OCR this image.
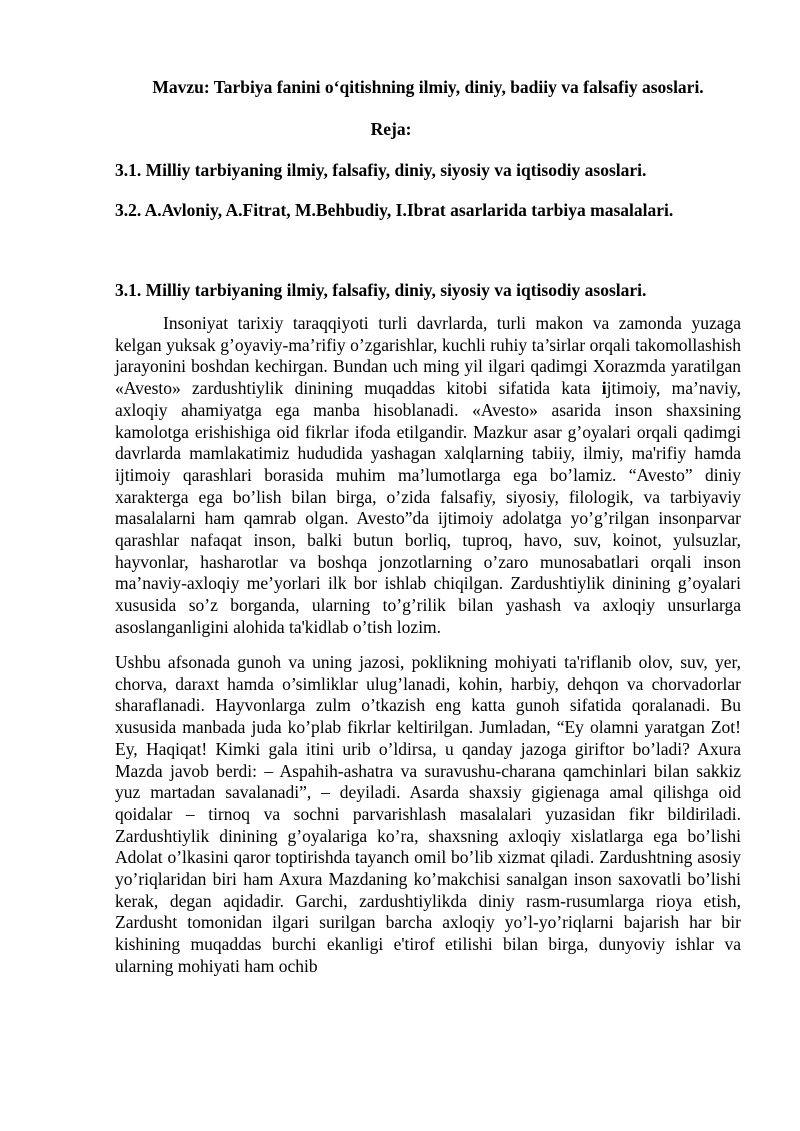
Mavzu: Tarbiya fanini o‘qitishning ilmiy, diniy, badiiy va falsafiy asoslari.
Reja:
3.1. Milliy tarbiyaning ilmiy, falsafiy, diniy, siyosiy va iqtisodiy asoslari.
3.2. A.Avloniy, A.Fitrat, M.Behbudiy, I.Ibrat asarlarida tarbiya masalalari.
3.1. Milliy tarbiyaning ilmiy, falsafiy, diniy, siyosiy va iqtisodiy asoslari.

Insoniyat tarixiy taraqqiyoti turli davrlarda, turli makon va zamonda yuzaga kelgan yuksak g’oyaviy-ma’rifiy o’zgarishlar, kuchli ruhiy ta’sirlar orqali takomollashish jarayonini boshdan kechirgan. Bundan uch ming yil ilgari qadimgi Xorazmda yaratilgan «Avesto» zardushtiylik dinining muqaddas kitobi sifatida kata ijtimoiy, ma’naviy, axloqiy ahamiyatga ega manba hisoblanadi. «Avesto» asarida inson shaxsining kamolotga erishishiga oid fikrlar ifoda etilgandir. Mazkur asar g’oyalari orqali qadimgi davrlarda mamlakatimiz hududida yashagan xalqlarning tabiiy, ilmiy, ma'rifiy hamda ijtimoiy qarashlari borasida muhim ma’lumotlarga ega bo’lamiz. “Avesto” diniy xarakterga ega bo’lish bilan birga, o’zida falsafiy, siyosiy, filologik, va tarbiyaviy masalalarni ham qamrab olgan. Avesto”da ijtimoiy adolatga yo’g’rilgan insonparvar qarashlar nafaqat inson, balki butun borliq, tuproq, havo, suv, koinot, yulsuzlar, hayvonlar, hasharotlar va boshqa jonzotlarning o’zaro munosabatlari orqali inson ma’naviy-axloqiy me’yorlari ilk bor ishlab chiqilgan. Zardushtiylik dinining g’oyalari xususida so’z borganda, ularning to’g’rilik bilan yashash va axloqiy unsurlarga asoslanganligini alohida ta'kidlab o’tish lozim.

Ushbu afsonada gunoh va uning jazosi, poklikning mohiyati ta'riflanib olov, suv, yer, chorva, daraxt hamda o’simliklar ulug’lanadi, kohin, harbiy, dehqon va chorvadorlar sharaflanadi. Hayvonlarga zulm o’tkazish eng katta gunoh sifatida qoralanadi. Bu xususida manbada juda ko’plab fikrlar keltirilgan. Jumladan, “Ey olamni yaratgan Zot! Ey, Haqiqat! Kimki gala itini urib o’ldirsa, u qanday jazoga giriftor bo’ladi? Axura Mazda javob berdi: – Aspahih-ashatra va suravushu-charana qamchinlari bilan sakkiz yuz martadan savalanadi”, – deyiladi. Asarda shaxsiy gigienaga amal qilishga oid qoidalar – tirnoq va sochni parvarishlash masalalari yuzasidan fikr bildiriladi. Zardushtiylik dinining g’oyalariga ko’ra, shaxsning axloqiy xislatlarga ega bo’lishi Adolat o’lkasini qaror toptirishda tayanch omil bo’lib xizmat qiladi. Zardushtning asosiy yo’riqlaridan biri ham Axura Mazdaning ko’makchisi sanalgan inson saxovatli bo’lishi kerak, degan aqidadir. Garchi, zardushtiylikda diniy rasm-rusumlarga rioya etish, Zardusht tomonidan ilgari surilgan barcha axloqiy yo’l-yo’riqlarni bajarish har bir kishining muqaddas burchi ekanligi e'tirof etilishi bilan birga, dunyoviy ishlar va ularning mohiyati ham ochib
